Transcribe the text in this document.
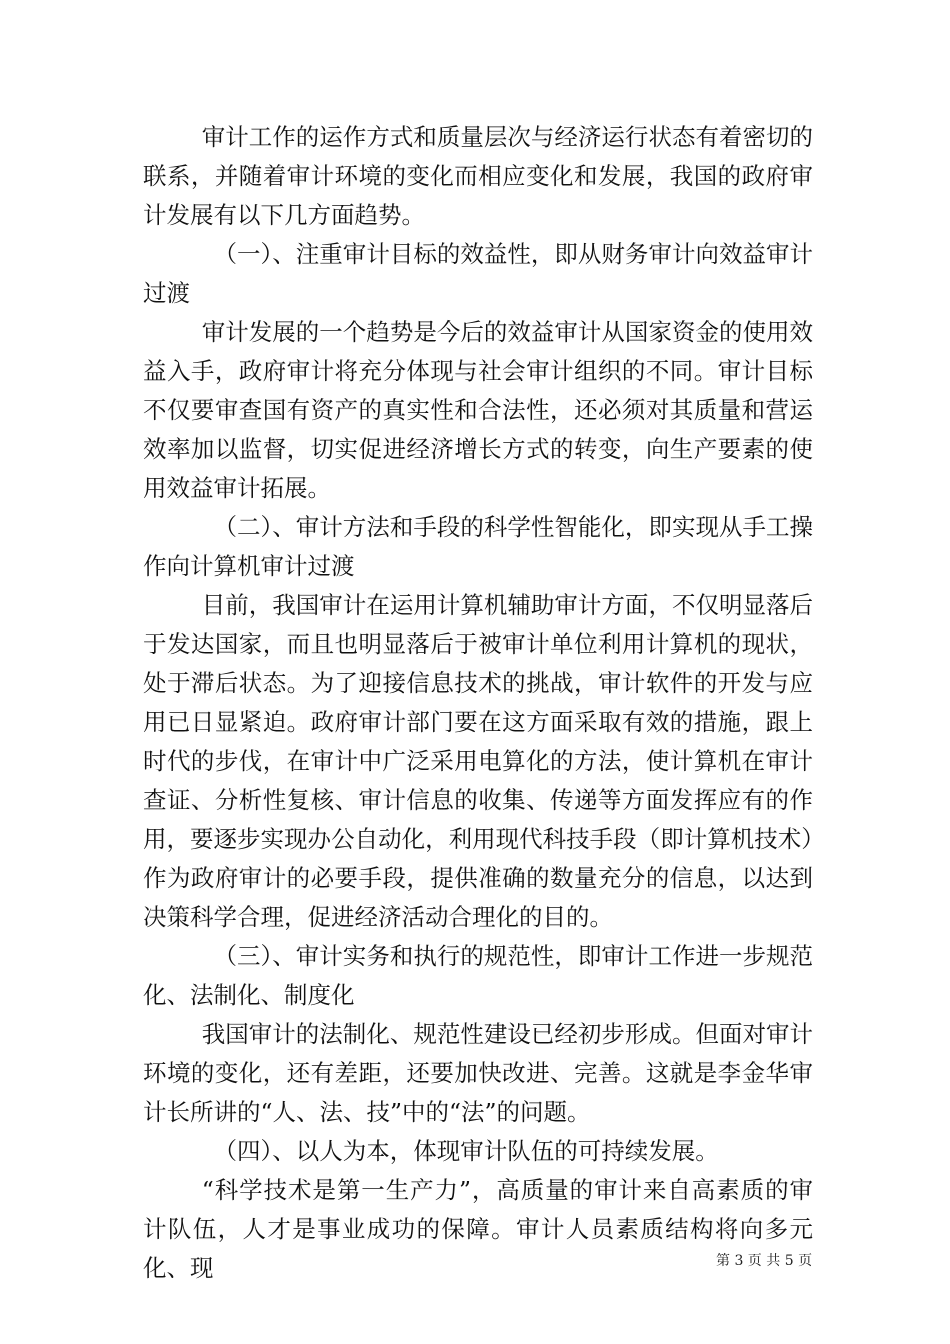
审计工作的运作方式和质量层次与经济运行状态有着密切的联系，并随着审计环境的变化而相应变化和发展，我国的政府审计发展有以下几方面趋势。

（一）、注重审计目标的效益性，即从财务审计向效益审计过渡

审计发展的一个趋势是今后的效益审计从国家资金的使用效益入手，政府审计将充分体现与社会审计组织的不同。审计目标不仅要审查国有资产的真实性和合法性，还必须对其质量和营运效率加以监督，切实促进经济增长方式的转变，向生产要素的使用效益审计拓展。

（二）、审计方法和手段的科学性智能化，即实现从手工操作向计算机审计过渡

目前，我国审计在运用计算机辅助审计方面，不仅明显落后于发达国家，而且也明显落后于被审计单位利用计算机的现状，处于滞后状态。为了迎接信息技术的挑战，审计软件的开发与应用已日显紧迫。政府审计部门要在这方面采取有效的措施，跟上时代的步伐，在审计中广泛采用电算化的方法，使计算机在审计查证、分析性复核、审计信息的收集、传递等方面发挥应有的作用，要逐步实现办公自动化，利用现代科技手段（即计算机技术）作为政府审计的必要手段，提供准确的数量充分的信息，以达到决策科学合理，促进经济活动合理化的目的。

（三）、审计实务和执行的规范性，即审计工作进一步规范化、法制化、制度化

我国审计的法制化、规范性建设已经初步形成。但面对审计环境的变化，还有差距，还要加快改进、完善。这就是李金华审计长所讲的“人、法、技”中的“法”的问题。

（四）、以人为本，体现审计队伍的可持续发展。

“科学技术是第一生产力”，高质量的审计来自高素质的审计队伍，人才是事业成功的保障。审计人员素质结构将向多元化、现	第 3 页 共 5 页
